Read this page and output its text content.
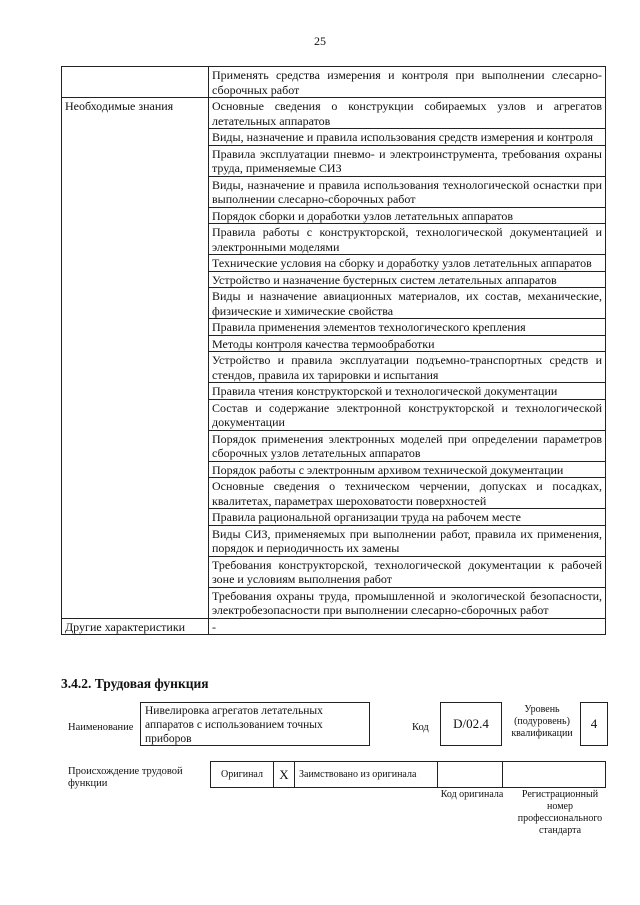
25
	Применять средства измерения и контроля при выполнении слесарно-сборочных работ
Необходимые знания	Основные сведения о конструкции собираемых узлов и агрегатов летательных аппаратов
	Виды, назначение и правила использования средств измерения и контроля
	Правила эксплуатации пневмо- и электроинструмента, требования охраны труда, применяемые СИЗ
	Виды, назначение и правила использования технологической оснастки при выполнении слесарно-сборочных работ
	Порядок сборки и доработки узлов летательных аппаратов
	Правила работы с конструкторской, технологической документацией и электронными моделями
	Технические условия на сборку и доработку узлов летательных аппаратов
	Устройство и назначение бустерных систем летательных аппаратов
	Виды и назначение авиационных материалов, их состав, механические, физические и химические свойства
	Правила применения элементов технологического крепления
	Методы контроля качества термообработки
	Устройство и правила эксплуатации подъемно-транспортных средств и стендов, правила их тарировки и испытания
	Правила чтения конструкторской и технологической документации
	Состав и содержание электронной конструкторской и технологической документации
	Порядок применения электронных моделей при определении параметров сборочных узлов летательных аппаратов
	Порядок работы с электронным архивом технической документации
	Основные сведения о техническом черчении, допусках и посадках, квалитетах, параметрах шероховатости поверхностей
	Правила рациональной организации труда на рабочем месте
	Виды СИЗ, применяемых при выполнении работ, правила их применения, порядок и периодичность их замены
	Требования конструкторской, технологической документации к рабочей зоне и условиям выполнения работ
	Требования охраны труда, промышленной и экологической безопасности, электробезопасности при выполнении слесарно-сборочных работ
Другие характеристики	-
3.4.2. Трудовая функция
Наименование
Нивелировка агрегатов летательных аппаратов с использованием точных приборов
Код	D/02.4
Уровень (подуровень) квалификации
4
Происхождение трудовой функции
Оригинал	X	Заимствовано из оригинала
Код оригинала	Регистрационный номер профессионального стандарта
